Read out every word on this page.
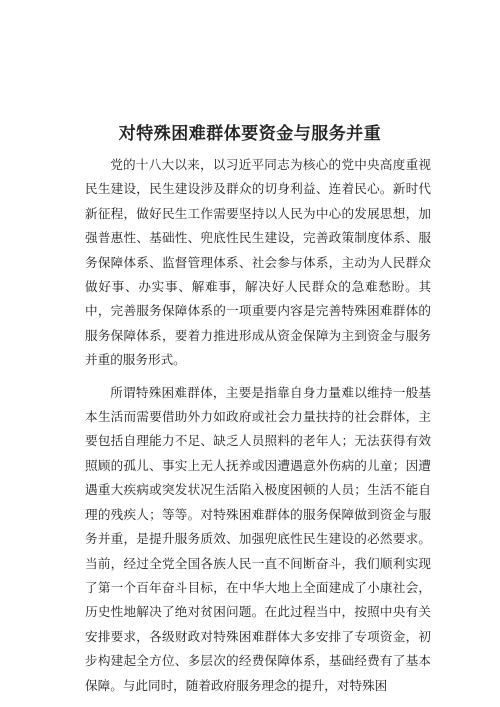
对特殊困难群体要资金与服务并重

党的十八大以来，以习近平同志为核心的党中央高度重视民生建设，民生建设涉及群众的切身利益、连着民心。新时代新征程，做好民生工作需要坚持以人民为中心的发展思想，加强普惠性、基础性、兜底性民生建设，完善政策制度体系、服务保障体系、监督管理体系、社会参与体系，主动为人民群众做好事、办实事、解难事，解决好人民群众的急难愁盼。其中，完善服务保障体系的一项重要内容是完善特殊困难群体的服务保障体系，要着力推进形成从资金保障为主到资金与服务并重的服务形式。

所谓特殊困难群体，主要是指靠自身力量难以维持一般基本生活而需要借助外力如政府或社会力量扶持的社会群体，主要包括自理能力不足、缺乏人员照料的老年人；无法获得有效照顾的孤儿、事实上无人抚养或因遭遇意外伤病的儿童；因遭遇重大疾病或突发状况生活陷入极度困顿的人员；生活不能自理的残疾人；等等。对特殊困难群体的服务保障做到资金与服务并重，是提升服务质效、加强兜底性民生建设的必然要求。当前，经过全党全国各族人民一直不间断奋斗，我们顺利实现了第一个百年奋斗目标，在中华大地上全面建成了小康社会，历史性地解决了绝对贫困问题。在此过程当中，按照中央有关安排要求，各级财政对特殊困难群体大多安排了专项资金，初步构建起全方位、多层次的经费保障体系，基础经费有了基本保障。与此同时，随着政府服务理念的提升，对特殊困
